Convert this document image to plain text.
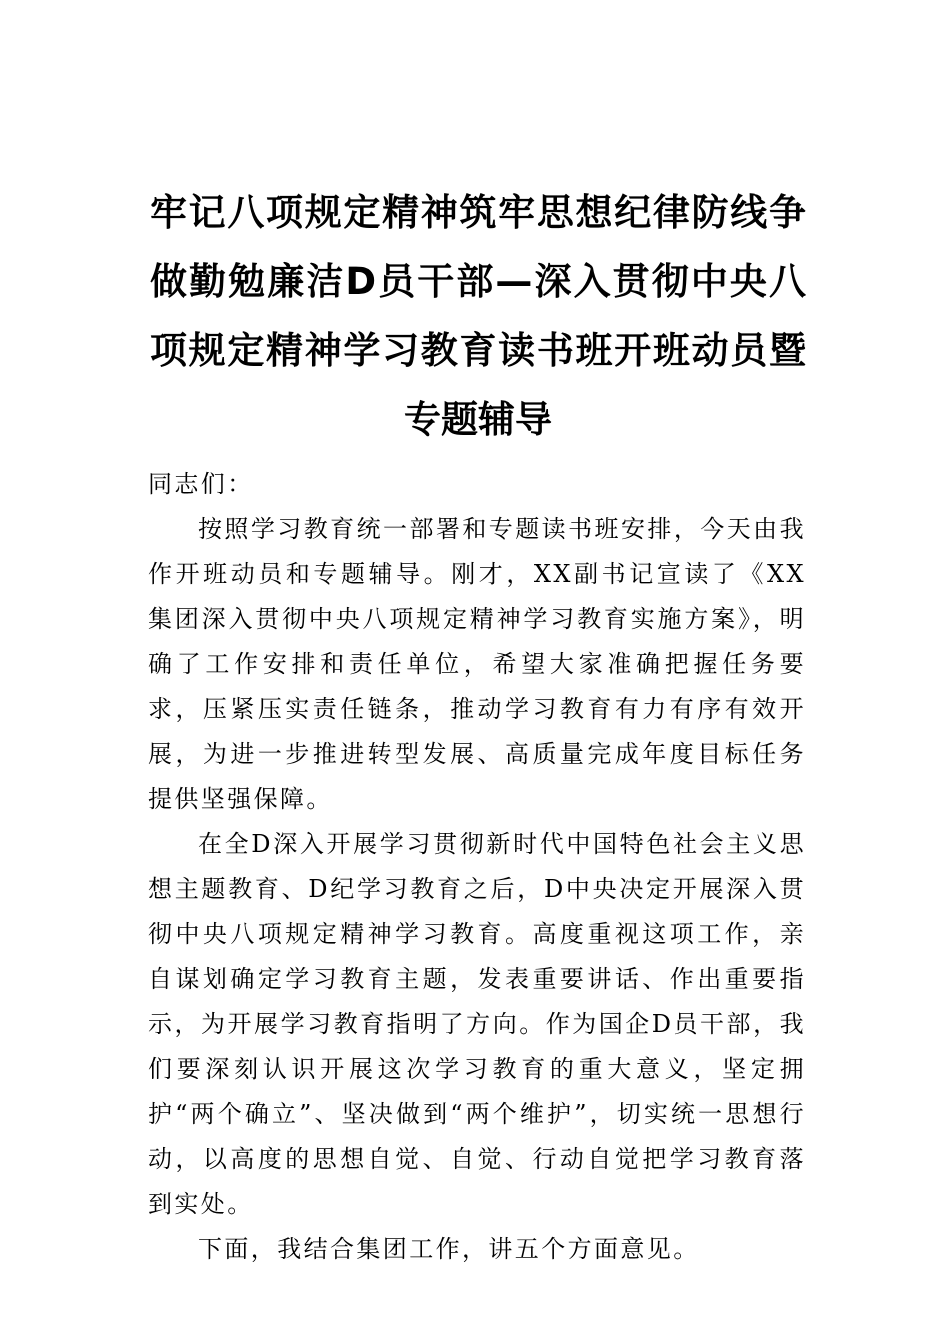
牢记八项规定精神筑牢思想纪律防线争做勤勉廉洁D员干部—深入贯彻中央八项规定精神学习教育读书班开班动员暨专题辅导

同志们：

按照学习教育统一部署和专题读书班安排，今天由我作开班动员和专题辅导。刚才，XX副书记宣读了《XX集团深入贯彻中央八项规定精神学习教育实施方案》，明确了工作安排和责任单位，希望大家准确把握任务要求，压紧压实责任链条，推动学习教育有力有序有效开展，为进一步推进转型发展、高质量完成年度目标任务提供坚强保障。

在全D深入开展学习贯彻新时代中国特色社会主义思想主题教育、D纪学习教育之后，D中央决定开展深入贯彻中央八项规定精神学习教育。高度重视这项工作，亲自谋划确定学习教育主题，发表重要讲话、作出重要指示，为开展学习教育指明了方向。作为国企D员干部，我们要深刻认识开展这次学习教育的重大意义，坚定拥护“两个确立”、坚决做到“两个维护”，切实统一思想行动，以高度的思想自觉、自觉、行动自觉把学习教育落到实处。

下面，我结合集团工作，讲五个方面意见。
